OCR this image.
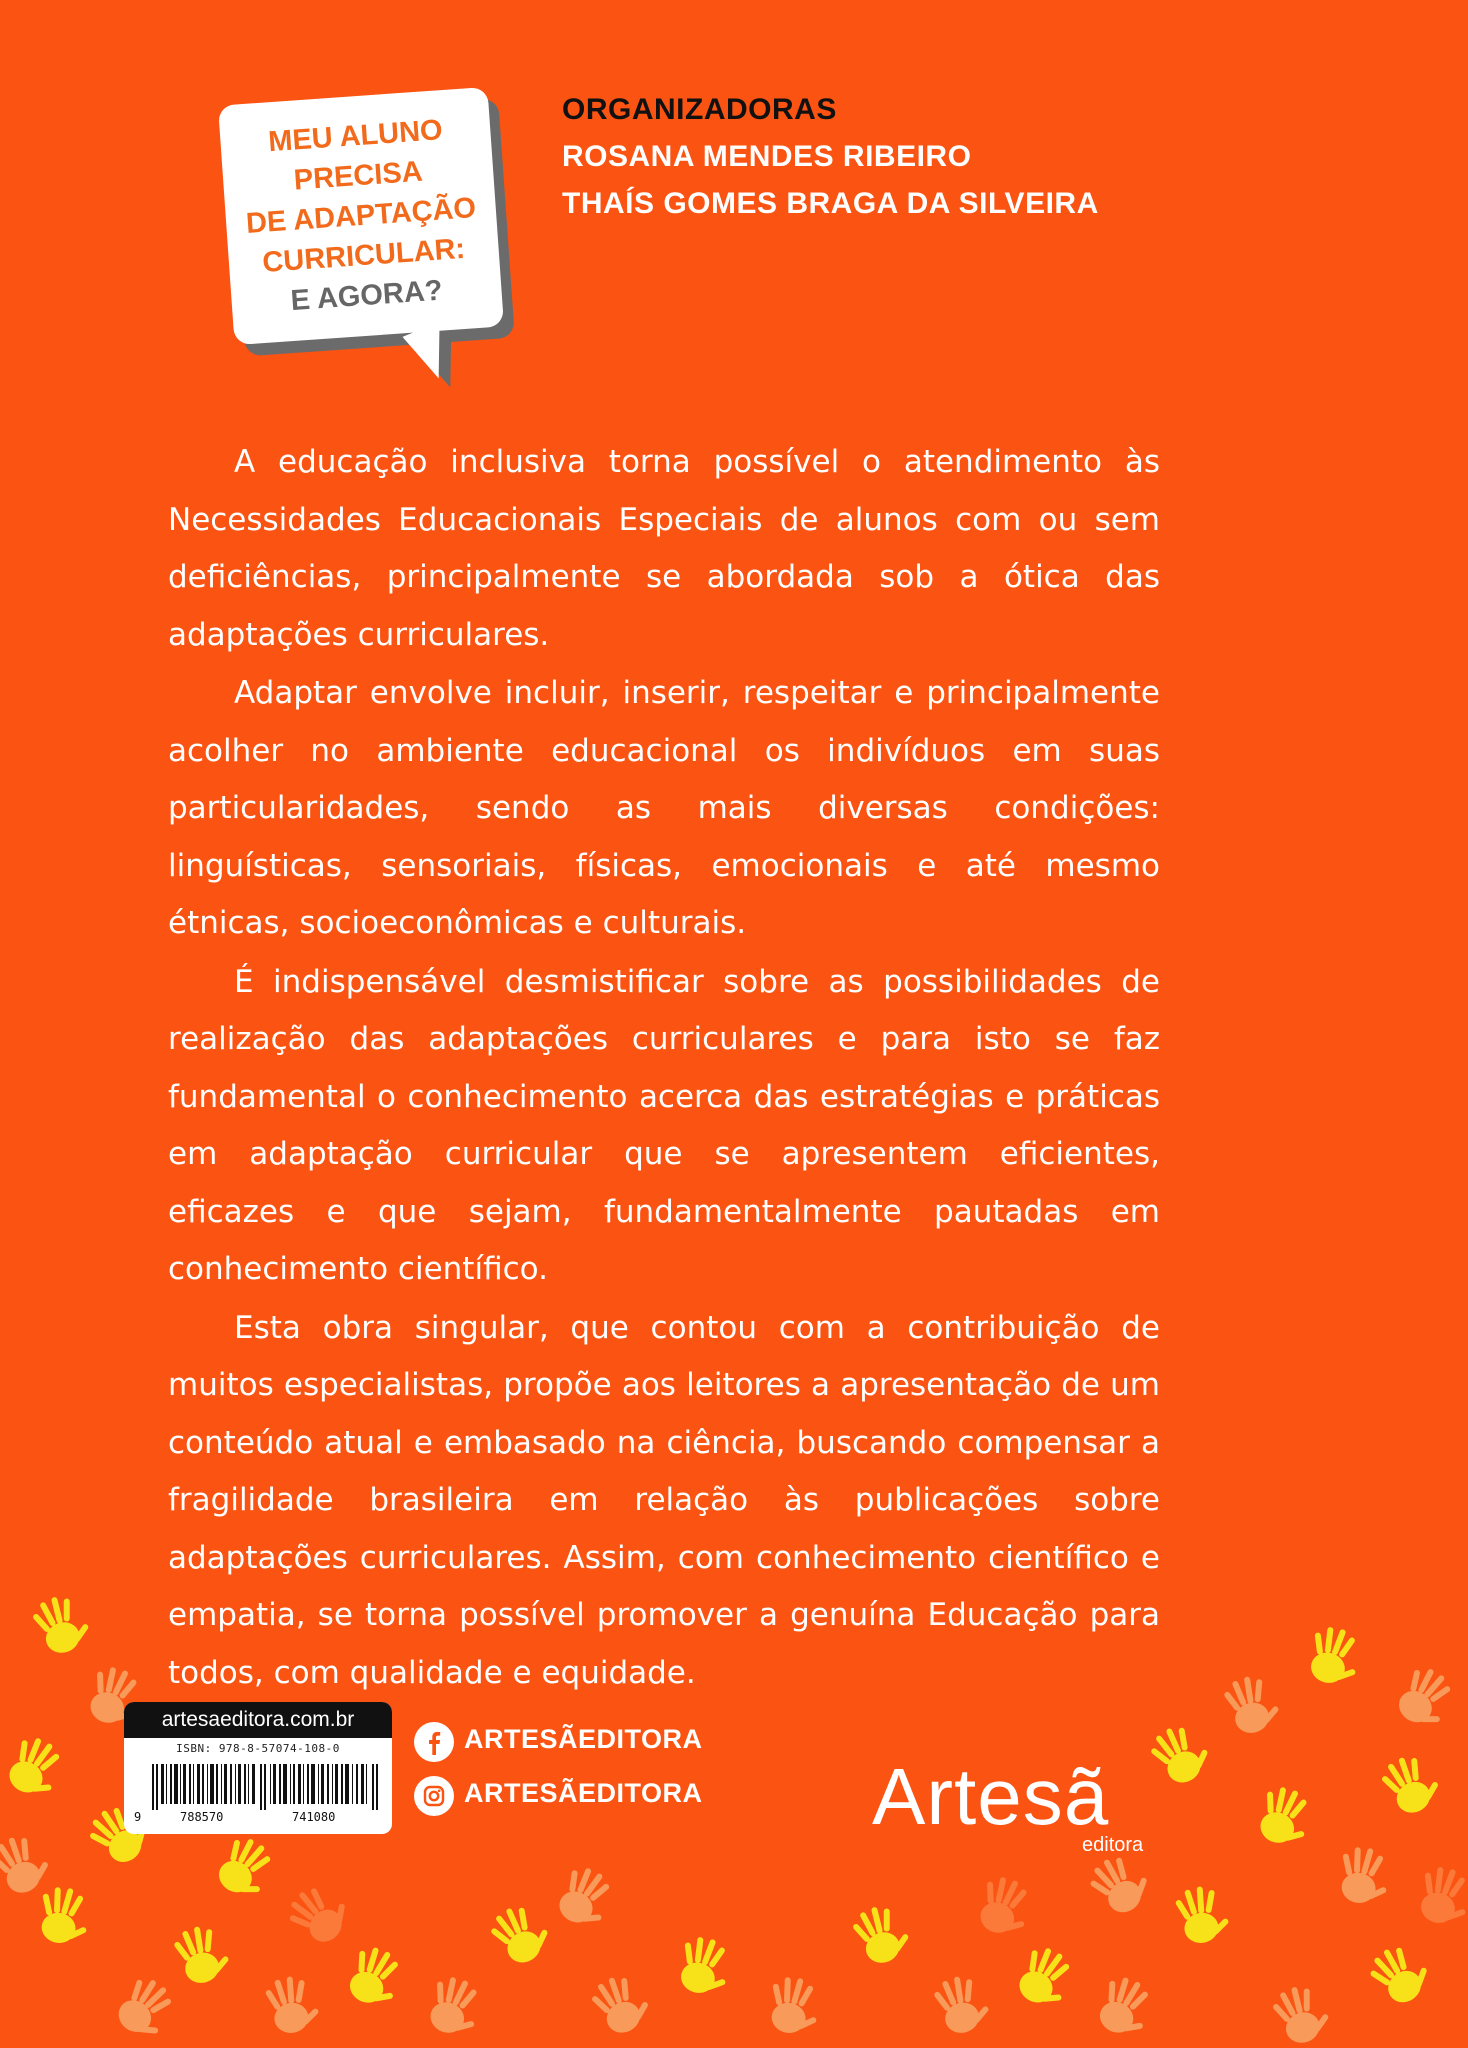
MEU ALUNO
PRECISA
DE ADAPTAÇÃO
CURRICULAR:
E AGORA?
ORGANIZADORAS
ROSANA MENDES RIBEIRO
THAÍS GOMES BRAGA DA SILVEIRA

A educação inclusiva torna possível o atendimento às Necessidades Educacionais Especiais de alunos com ou sem deficiências, principalmente se abordada sob a ótica das adaptações curriculares.

Adaptar envolve incluir, inserir, respeitar e principalmente acolher no ambiente educacional os indivíduos em suas particularidades, sendo as mais diversas condições: linguísticas, sensoriais, físicas, emocionais e até mesmo étnicas, socioeconômicas e culturais.

É indispensável desmistificar sobre as possibilidades de realização das adaptações curriculares e para isto se faz fundamental o conhecimento acerca das estratégias e práticas em adaptação curricular que se apresentem eficientes, eficazes e que sejam, fundamentalmente pautadas em conhecimento científico.

Esta obra singular, que contou com a contribuição de muitos especialistas, propõe aos leitores a apresentação de um conteúdo atual e embasado na ciência, buscando compensar a fragilidade brasileira em relação às publicações sobre adaptações curriculares. Assim, com conhecimento científico e empatia, se torna possível promover a genuína Educação para todos, com qualidade e equidade.

artesaeditora.com.br
ISBN: 978-8-57074-108-0
9	788570	741080
ARTESÃEDITORA
ARTESÃEDITORA Artesã
editora
